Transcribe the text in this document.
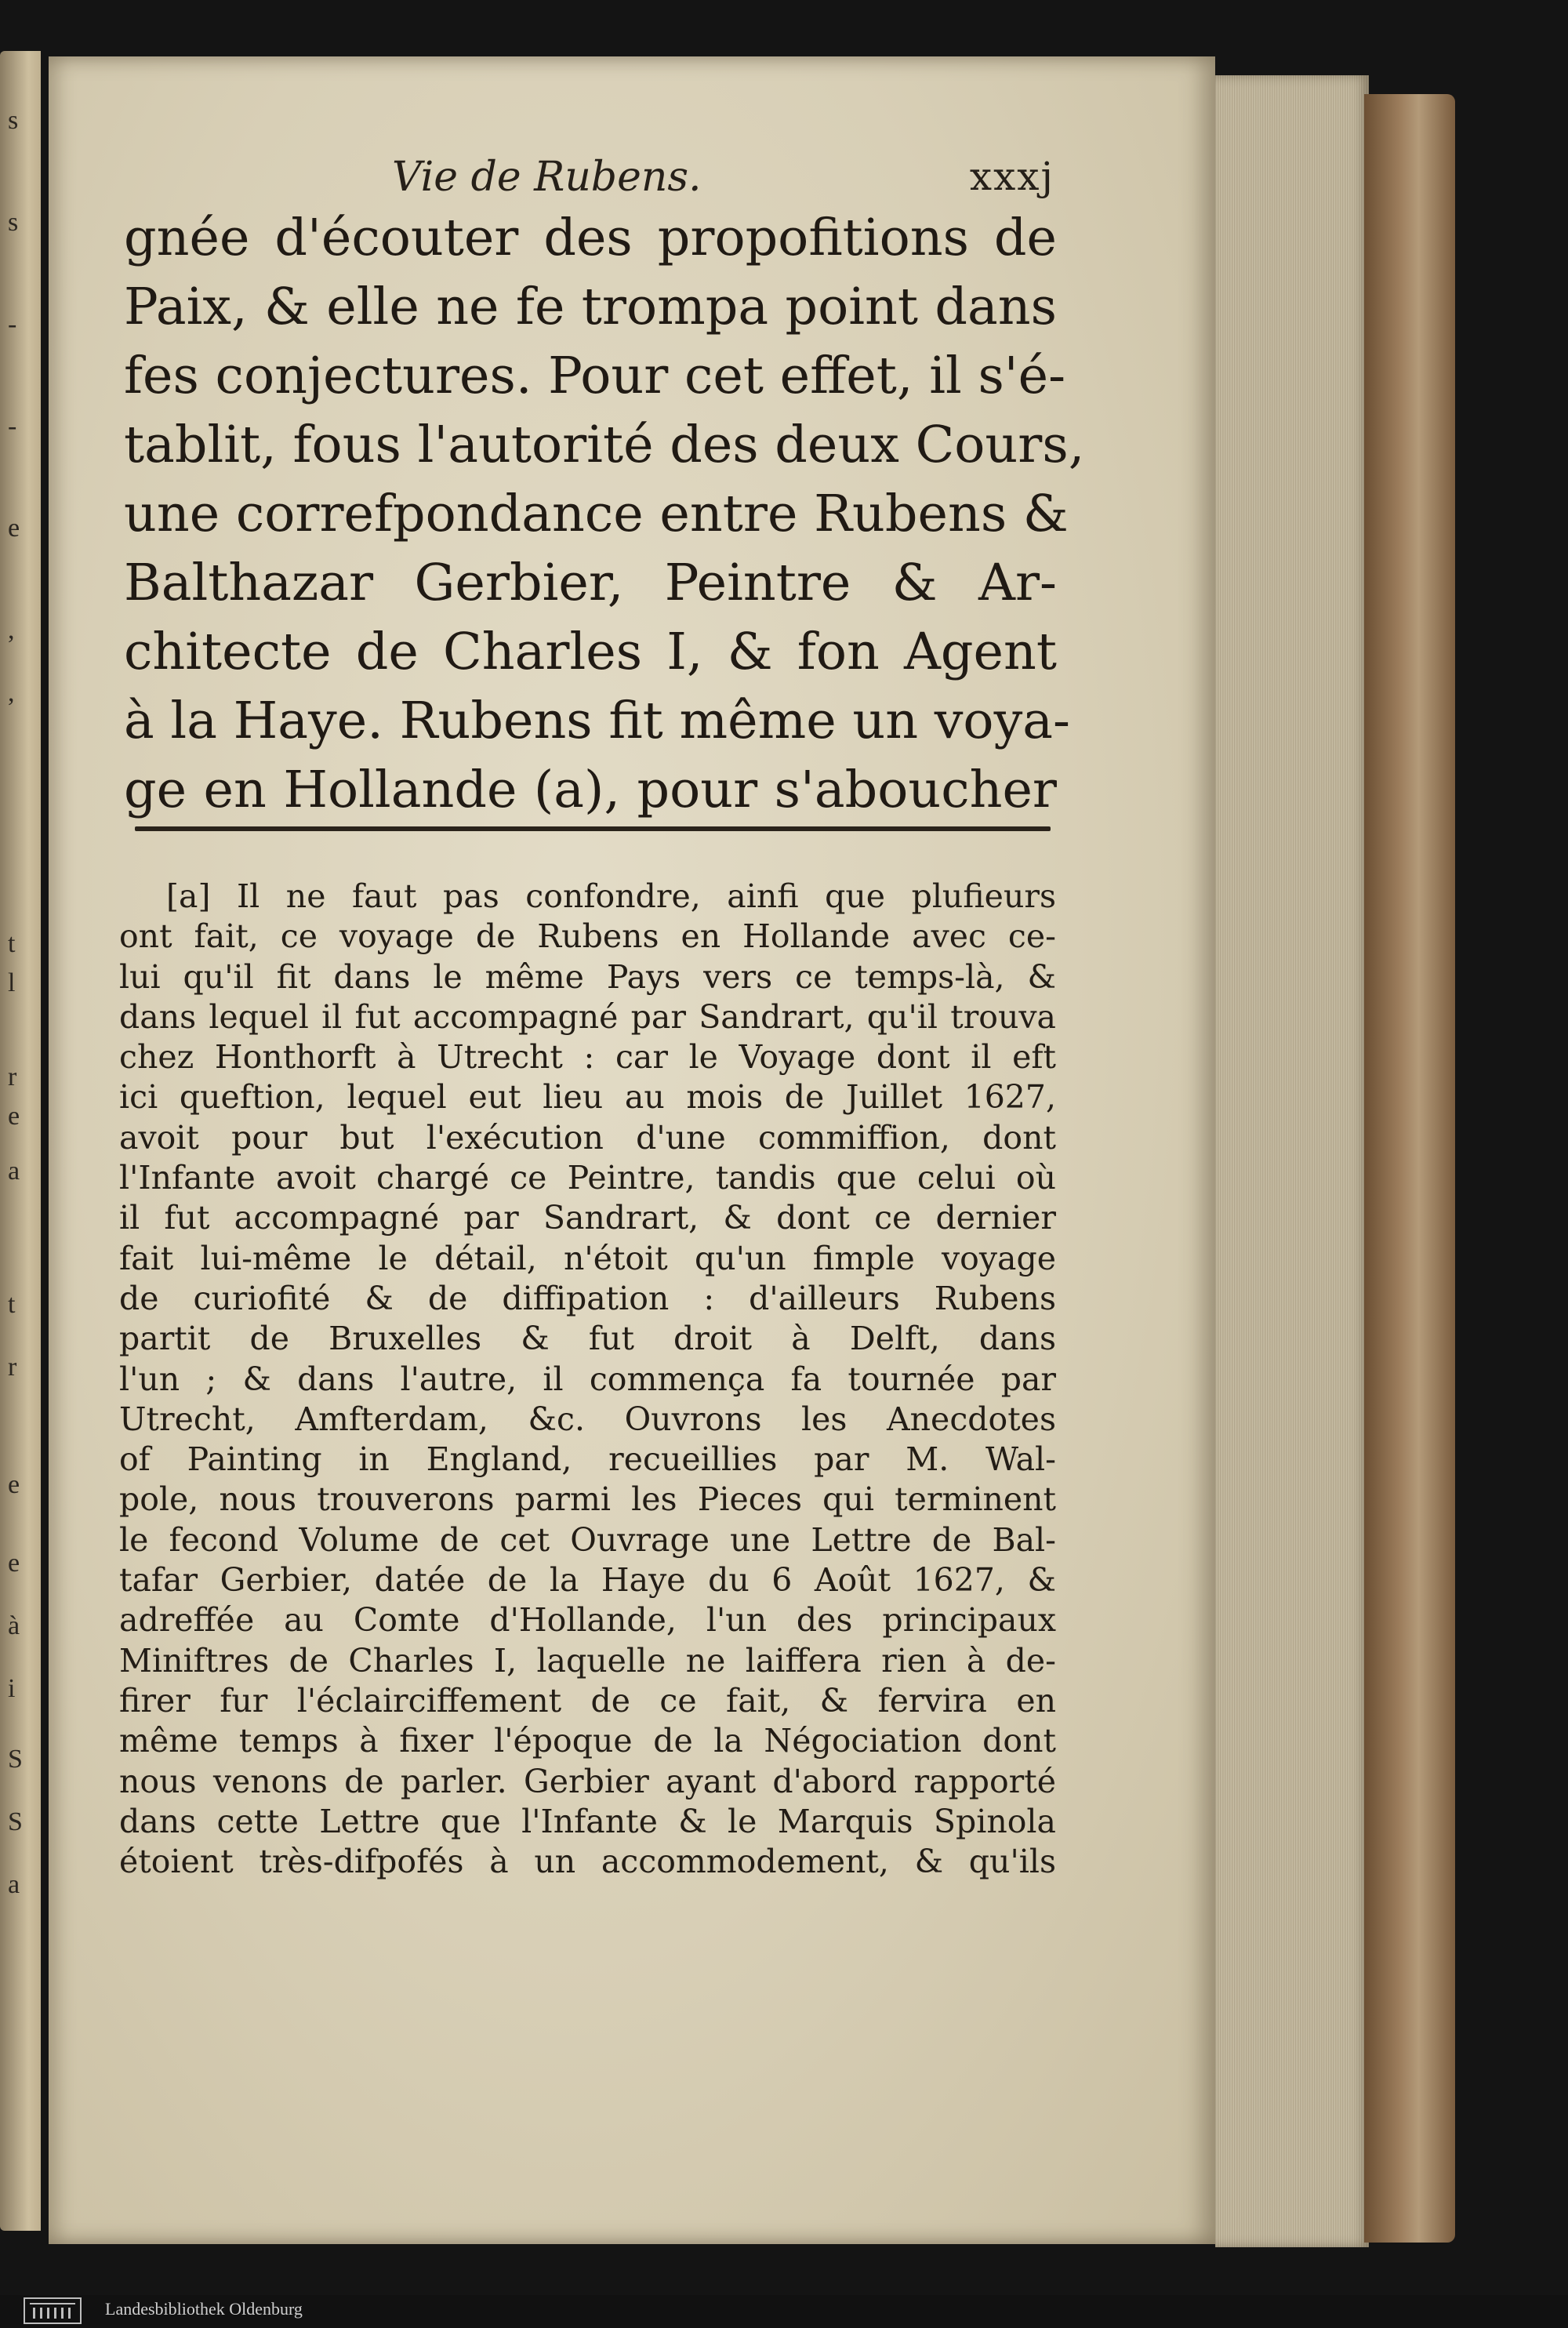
s
s
-
-
e
,
,
t
l
r
e
a
t
r
e
e
à
i
S
S
a
Vie de Rubens.	xxxj
gnée d'écouter des propofitions de
Paix, & elle ne fe trompa point dans
fes conjectures. Pour cet effet, il s'é-
tablit, fous l'autorité des deux Cours,
une correfpondance entre Rubens &
Balthazar Gerbier, Peintre & Ar-
chitecte de Charles I, & fon Agent
à la Haye. Rubens fit même un voya-
ge en Hollande (a), pour s'aboucher
[a] Il ne faut pas confondre, ainfi que plufieurs
ont fait, ce voyage de Rubens en Hollande avec ce-
lui qu'il fit dans le même Pays vers ce temps-là, &
dans lequel il fut accompagné par Sandrart, qu'il trouva
chez Honthorft à Utrecht : car le Voyage dont il eft
ici queftion, lequel eut lieu au mois de Juillet 1627,
avoit pour but l'exécution d'une commiffion, dont
l'Infante avoit chargé ce Peintre, tandis que celui où
il fut accompagné par Sandrart, & dont ce dernier
fait lui-même le détail, n'étoit qu'un fimple voyage
de curiofité & de diffipation : d'ailleurs Rubens
partit de Bruxelles & fut droit à Delft, dans
l'un ; & dans l'autre, il commença fa tournée par
Utrecht, Amfterdam, &c. Ouvrons les Anecdotes
of Painting in England, recueillies par M. Wal-
pole, nous trouverons parmi les Pieces qui terminent
le fecond Volume de cet Ouvrage une Lettre de Bal-
tafar Gerbier, datée de la Haye du 6 Août 1627, &
adreffée au Comte d'Hollande, l'un des principaux
Miniftres de Charles I, laquelle ne laiffera rien à de-
firer fur l'éclairciffement de ce fait, & fervira en
même temps à fixer l'époque de la Négociation dont
nous venons de parler. Gerbier ayant d'abord rapporté
dans cette Lettre que l'Infante & le Marquis Spinola
étoient très-difpofés à un accommodement, & qu'ils
Landesbibliothek Oldenburg
